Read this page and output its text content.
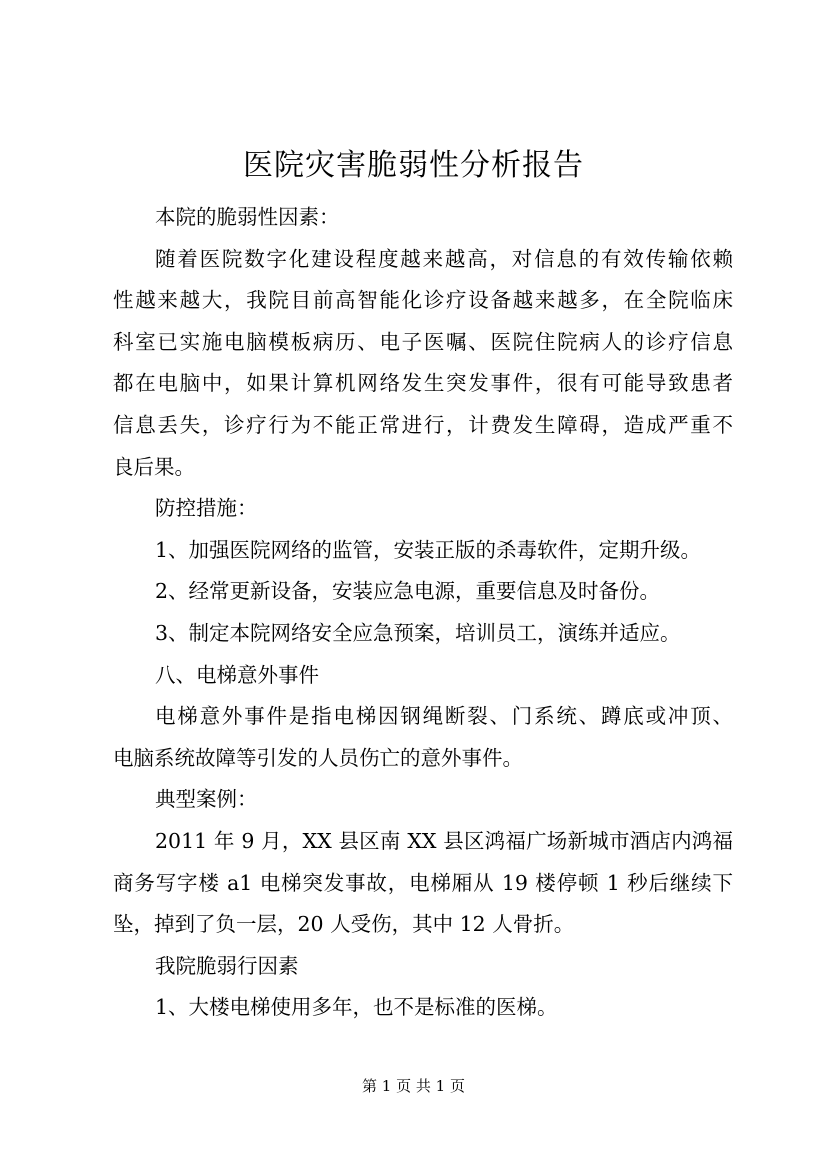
医院灾害脆弱性分析报告
本院的脆弱性因素：
随着医院数字化建设程度越来越高，对信息的有效传输依赖
性越来越大，我院目前高智能化诊疗设备越来越多，在全院临床
科室已实施电脑模板病历、电子医嘱、医院住院病人的诊疗信息
都在电脑中，如果计算机网络发生突发事件，很有可能导致患者
信息丢失，诊疗行为不能正常进行，计费发生障碍，造成严重不
良后果。
防控措施：
1、加强医院网络的监管，安装正版的杀毒软件，定期升级。
2、经常更新设备，安装应急电源，重要信息及时备份。
3、制定本院网络安全应急预案，培训员工，演练并适应。
八、电梯意外事件
电梯意外事件是指电梯因钢绳断裂、门系统、蹲底或冲顶、
电脑系统故障等引发的人员伤亡的意外事件。
典型案例：
2011 年 9 月，XX 县区南 XX 县区鸿福广场新城市酒店内鸿福
商务写字楼 a1 电梯突发事故，电梯厢从 19 楼停顿 1 秒后继续下
坠，掉到了负一层，20 人受伤，其中 12 人骨折。
我院脆弱行因素
1、大楼电梯使用多年，也不是标准的医梯。
第 1 页 共 1 页
